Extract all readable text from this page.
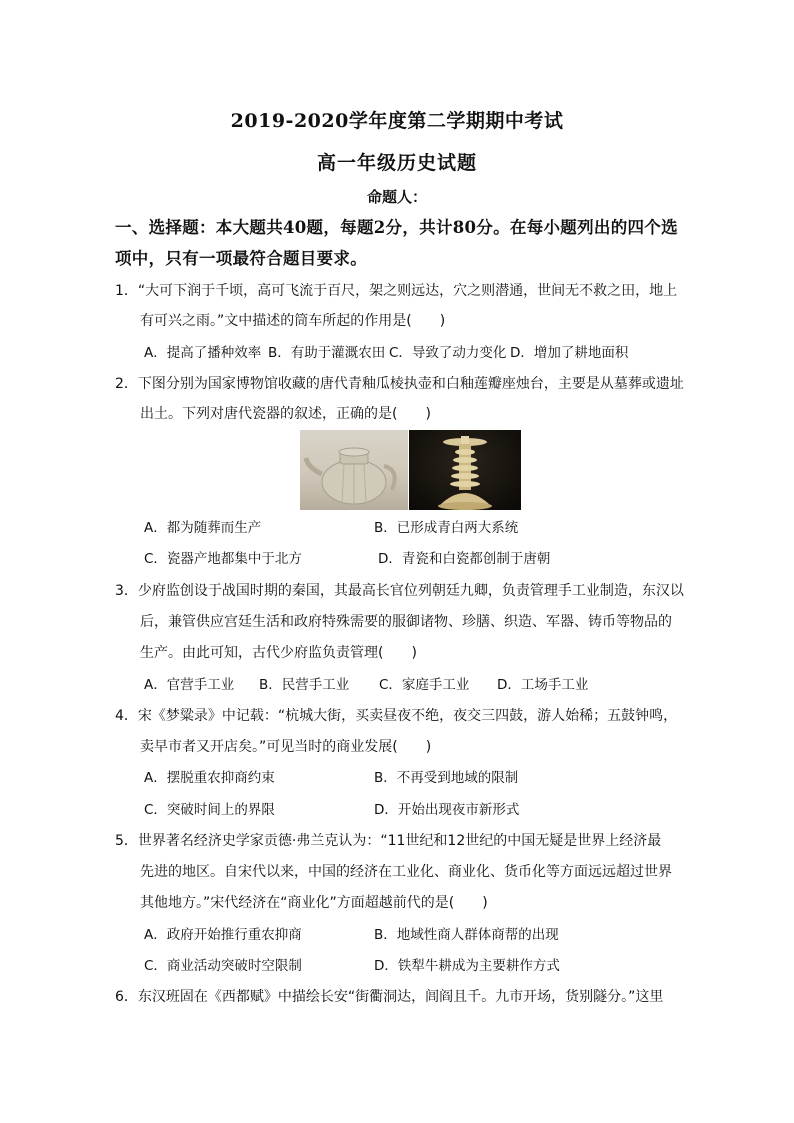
2019-2020学年度第二学期期中考试
高一年级历史试题
命题人：
一、选择题：本大题共40题，每题2分，共计80分。在每小题列出的四个选项中，只有一项最符合题目要求。
1．“大可下润于千顷，高可飞流于百尺，架之则远达，穴之则潜通，世间无不救之田，地上
有可兴之雨。”文中描述的筒车所起的作用是(　　)
A．提高了播种效率 B．有助于灌溉农田 C．导致了动力变化 D．增加了耕地面积
2．下图分别为国家博物馆收藏的唐代青釉瓜棱执壶和白釉莲瓣座烛台，主要是从墓葬或遗址
出土。下列对唐代瓷器的叙述，正确的是(　　)
A．都为随葬而生产	B．已形成青白两大系统
C．瓷器产地都集中于北方	D．青瓷和白瓷都创制于唐朝
3．少府监创设于战国时期的秦国，其最高长官位列朝廷九卿，负责管理手工业制造，东汉以
后，兼管供应宫廷生活和政府特殊需要的服御诸物、珍膳、织造、军器、铸币等物品的
生产。由此可知，古代少府监负责管理(　　)
A．官营手工业 B．民营手工业 C．家庭手工业 D．工场手工业
4．宋《梦粱录》中记载：“杭城大街，买卖昼夜不绝，夜交三四鼓，游人始稀；五鼓钟鸣，
卖早市者又开店矣。”可见当时的商业发展(　　)
A．摆脱重农抑商约束	B．不再受到地域的限制
C．突破时间上的界限	D．开始出现夜市新形式
5．世界著名经济史学家贡德·弗兰克认为：“11世纪和12世纪的中国无疑是世界上经济最
先进的地区。自宋代以来，中国的经济在工业化、商业化、货币化等方面远远超过世界
其他地方。”宋代经济在“商业化”方面超越前代的是(　　)
A．政府开始推行重农抑商	B．地域性商人群体商帮的出现
C．商业活动突破时空限制	D．铁犁牛耕成为主要耕作方式
6．东汉班固在《西都赋》中描绘长安“街衢洞达，闾阎且千。九市开场，货别隧分。”这里
